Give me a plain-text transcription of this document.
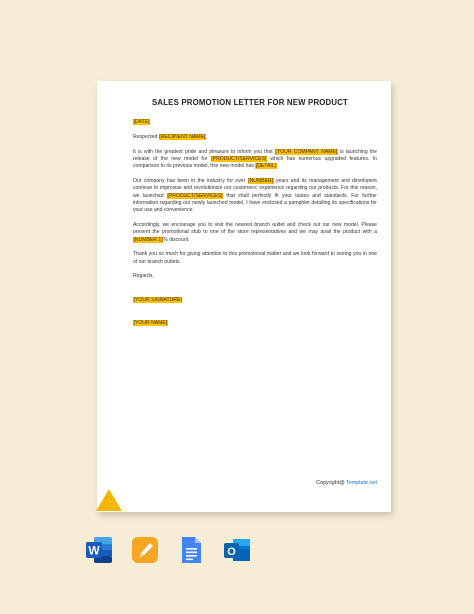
SALES PROMOTION LETTER FOR NEW PRODUCT

[DATE]

Respected [RECIPIENT NAME],

It is with the greatest pride and pleasure to inform you that [YOUR COMPANY NAME] is launching the release of the new model for [PRODUCT/SERVICES] which has numerous upgraded features. In comparison to its previous model, this new model has [DETAIL].

Our company has been in the industry for over [NUMBER] years and its management and developers continue to improvise and revolutionize our customers' experience regarding our products. For this reason, we launched [PRODUCT/SERVICES] that shall perfectly fit your tastes and standards. For further information regarding our newly launched model, I have enclosed a pamphlet detailing its specifications for your use and convenience.

Accordingly, we encourage you to visit the nearest branch outlet and check out our new model. Please present the promotional stub to one of the store representatives and we may avail the product with a [NUMBER 1]% discount.

Thank you so much for giving attention to this promotional matter and we look forward to seeing you in one of our branch outlets.

Regards,

[YOUR SIGNATURE]

[YOUR NAME]

Copyright@ Template.net
W	O
